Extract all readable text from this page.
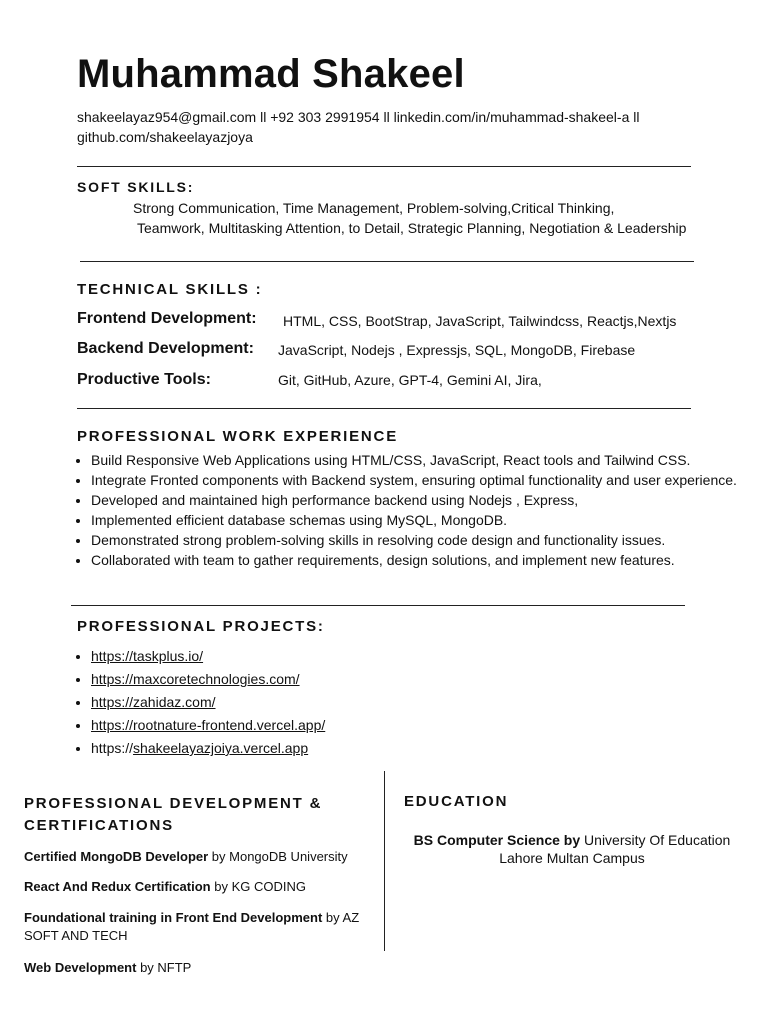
Muhammad Shakeel
shakeelayaz954@gmail.com ll +92 303 2991954 ll linkedin.com/in/muhammad-shakeel-a ll
github.com/shakeelayazjoya
SOFT SKILLS:
Strong Communication, Time Management, Problem-solving,Critical Thinking,
Teamwork, Multitasking Attention, to Detail, Strategic Planning, Negotiation & Leadership
TECHNICAL SKILLS :
Frontend Development: HTML, CSS, BootStrap, JavaScript, Tailwindcss, Reactjs,Nextjs
Backend Development: JavaScript, Nodejs , Expressjs, SQL, MongoDB, Firebase
Productive Tools:	Git, GitHub, Azure, GPT-4, Gemini AI, Jira,
PROFESSIONAL WORK EXPERIENCE
• Build Responsive Web Applications using HTML/CSS, JavaScript, React tools and Tailwind CSS.
• Integrate Fronted components with Backend system, ensuring optimal functionality and user experience.
• Developed and maintained high performance backend using Nodejs , Express,
• Implemented efficient database schemas using MySQL, MongoDB.
• Demonstrated strong problem-solving skills in resolving code design and functionality issues.
• Collaborated with team to gather requirements, design solutions, and implement new features.
PROFESSIONAL PROJECTS:
• https://taskplus.io/
• https://maxcoretechnologies.com/
• https://zahidaz.com/
• https://rootnature-frontend.vercel.app/
• https://shakeelayazjoiya.vercel.app
PROFESSIONAL DEVELOPMENT &
CERTIFICATIONS
Certified MongoDB Developer by MongoDB University
React And Redux Certification by KG CODING
Foundational training in Front End Development by AZ SOFT AND TECH
Web Development by NFTP
EDUCATION
BS Computer Science by University Of Education
Lahore Multan Campus
